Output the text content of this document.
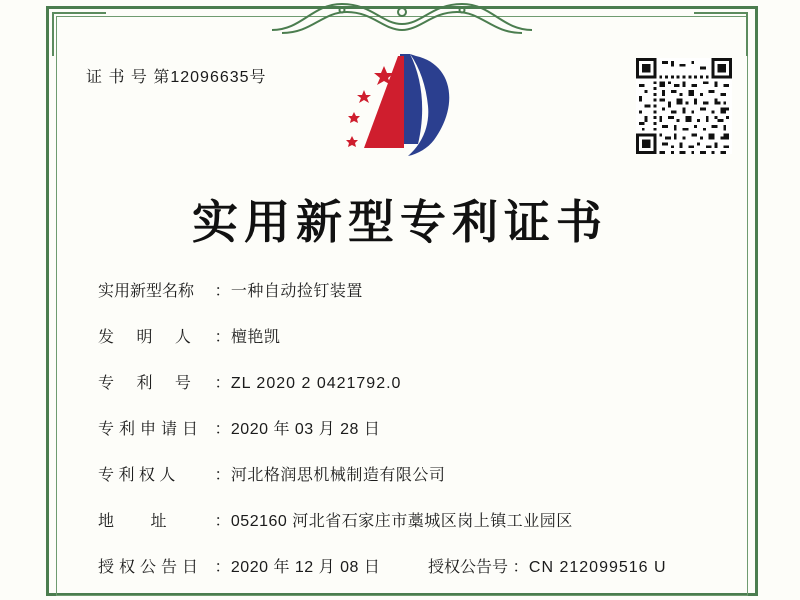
证 书 号 第12096635号
实用新型专利证书
实用新型名称 ： 一种自动捡钉装置
发 明 人 ： 檀艳凯
专 利 号 ： ZL 2020 2 0421792.0
专利申请日 ： 2020 年 03 月 28 日
专 利 权 人 ： 河北格润思机械制造有限公司
地 址 ： 052160 河北省石家庄市藁城区岗上镇工业园区
授权公告日 ： 2020 年 12 月 08 日	授权公告号 ： CN 212099516 U
